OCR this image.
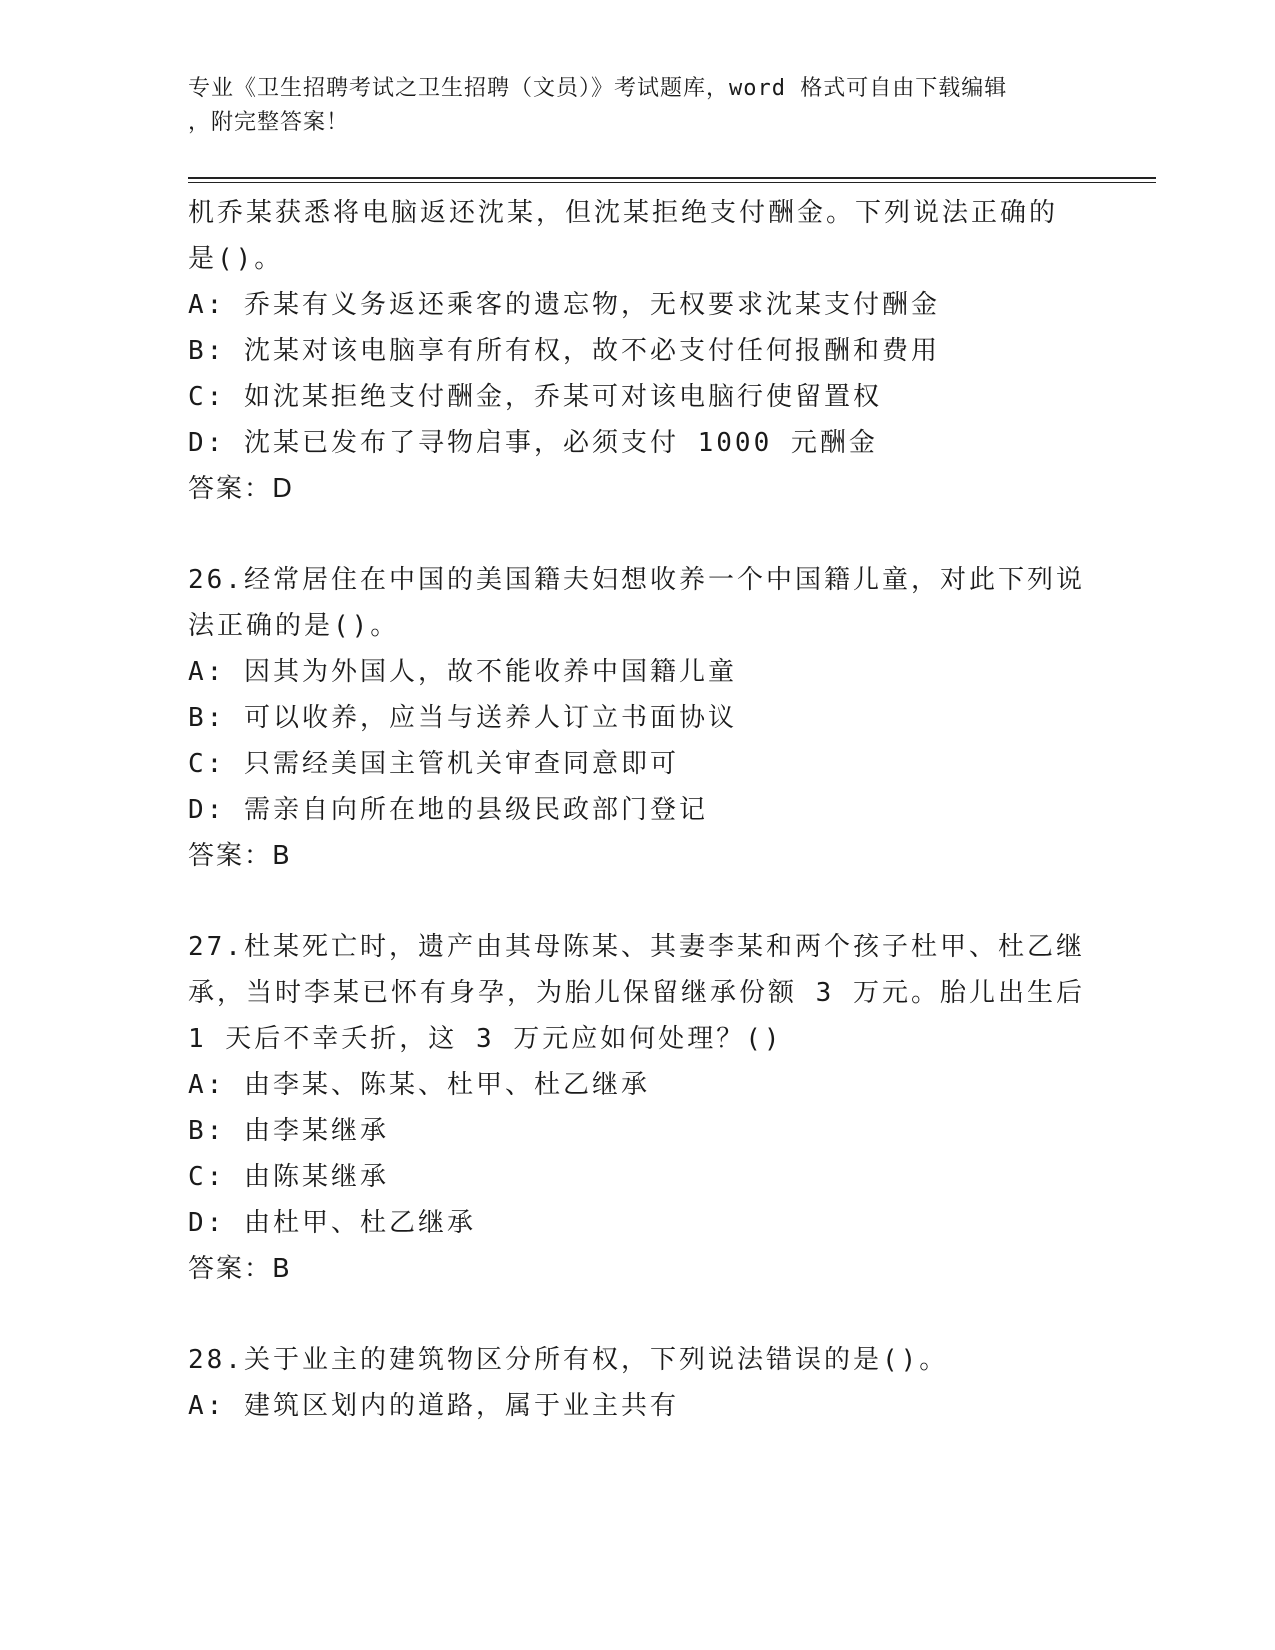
专业《卫生招聘考试之卫生招聘（文员）》考试题库，word 格式可自由下载编辑
，附完整答案！
机乔某获悉将电脑返还沈某，但沈某拒绝支付酬金。下列说法正确的
是()。
A: 乔某有义务返还乘客的遗忘物，无权要求沈某支付酬金
B: 沈某对该电脑享有所有权，故不必支付任何报酬和费用
C: 如沈某拒绝支付酬金，乔某可对该电脑行使留置权
D: 沈某已发布了寻物启事，必须支付 1000 元酬金
答案：D
26.经常居住在中国的美国籍夫妇想收养一个中国籍儿童，对此下列说
法正确的是()。
A: 因其为外国人，故不能收养中国籍儿童
B: 可以收养，应当与送养人订立书面协议
C: 只需经美国主管机关审查同意即可
D: 需亲自向所在地的县级民政部门登记
答案：B
27.杜某死亡时，遗产由其母陈某、其妻李某和两个孩子杜甲、杜乙继
承，当时李某已怀有身孕，为胎儿保留继承份额 3 万元。胎儿出生后
1 天后不幸夭折，这 3 万元应如何处理？()
A: 由李某、陈某、杜甲、杜乙继承
B: 由李某继承
C: 由陈某继承
D: 由杜甲、杜乙继承
答案：B
28.关于业主的建筑物区分所有权，下列说法错误的是()。
A: 建筑区划内的道路，属于业主共有
